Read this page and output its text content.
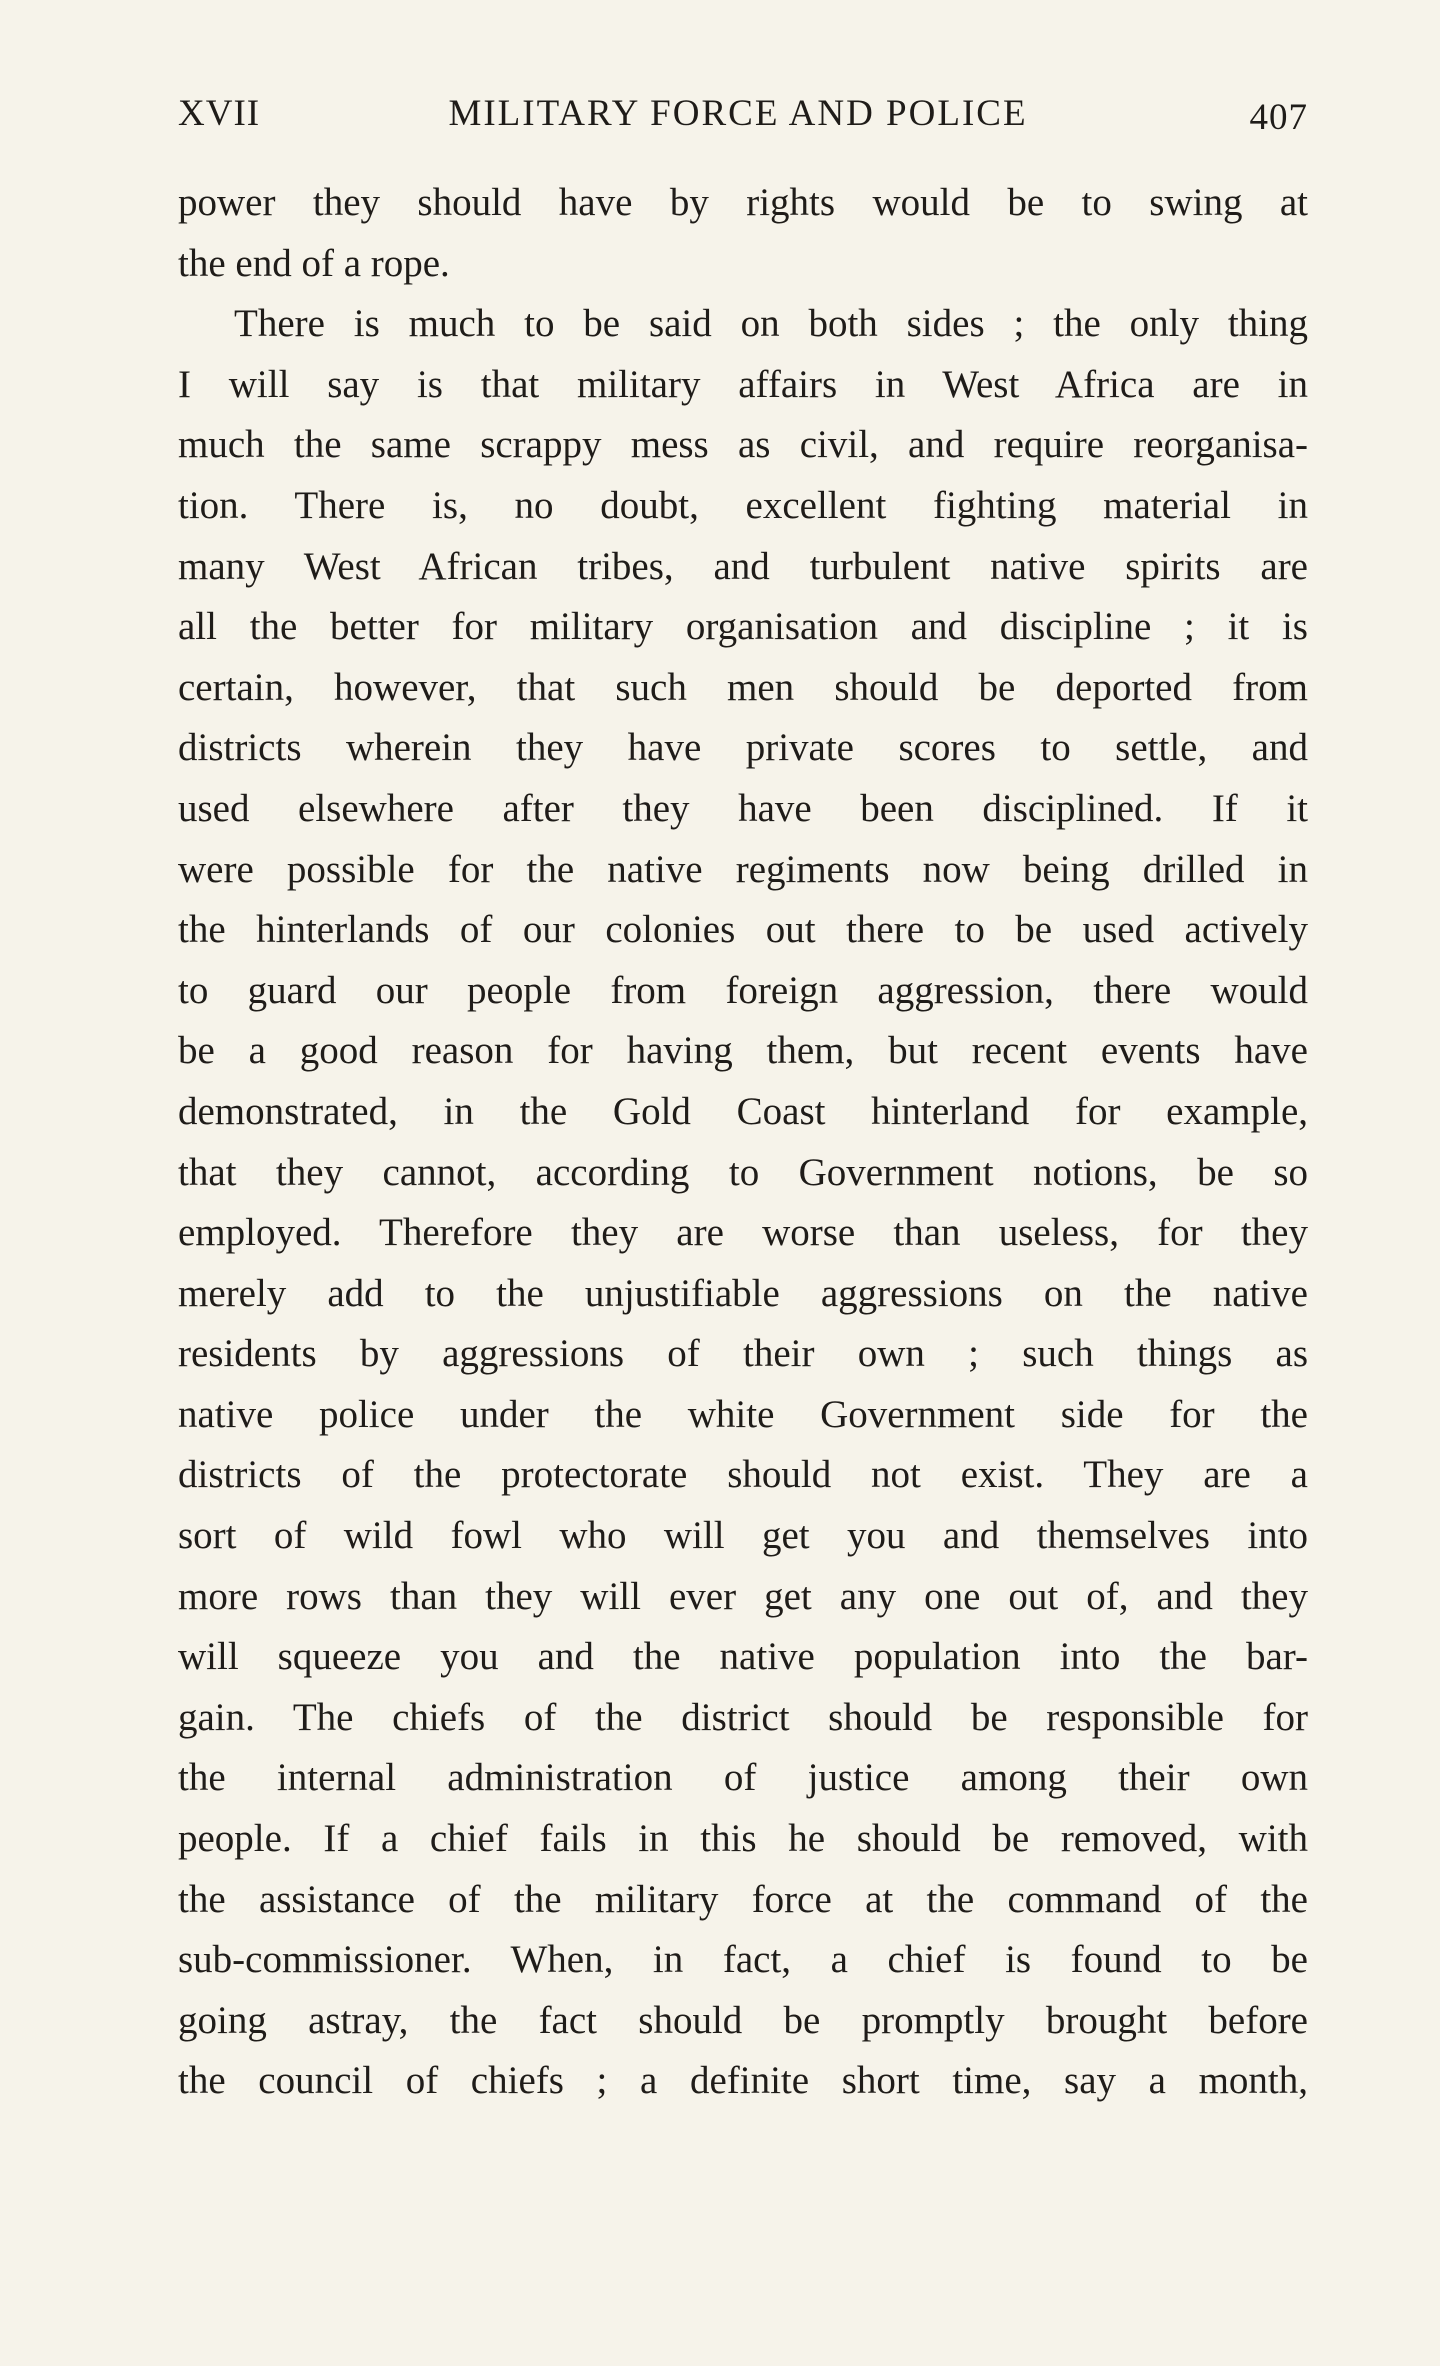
XVII	MILITARY FORCE AND POLICE	407
power they should have by rights would be to swing at
the end of a rope.
There is much to be said on both sides ; the only thing
I will say is that military affairs in West Africa are in
much the same scrappy mess as civil, and require reorganisa-
tion. There is, no doubt, excellent fighting material in
many West African tribes, and turbulent native spirits are
all the better for military organisation and discipline ; it is
certain, however, that such men should be deported from
districts wherein they have private scores to settle, and
used elsewhere after they have been disciplined. If it
were possible for the native regiments now being drilled in
the hinterlands of our colonies out there to be used actively
to guard our people from foreign aggression, there would
be a good reason for having them, but recent events have
demonstrated, in the Gold Coast hinterland for example,
that they cannot, according to Government notions, be so
employed. Therefore they are worse than useless, for they
merely add to the unjustifiable aggressions on the native
residents by aggressions of their own ; such things as
native police under the white Government side for the
districts of the protectorate should not exist. They are a
sort of wild fowl who will get you and themselves into
more rows than they will ever get any one out of, and they
will squeeze you and the native population into the bar-
gain. The chiefs of the district should be responsible for
the internal administration of justice among their own
people. If a chief fails in this he should be removed, with
the assistance of the military force at the command of the
sub-commissioner. When, in fact, a chief is found to be
going astray, the fact should be promptly brought before
the council of chiefs ; a definite short time, say a month,
